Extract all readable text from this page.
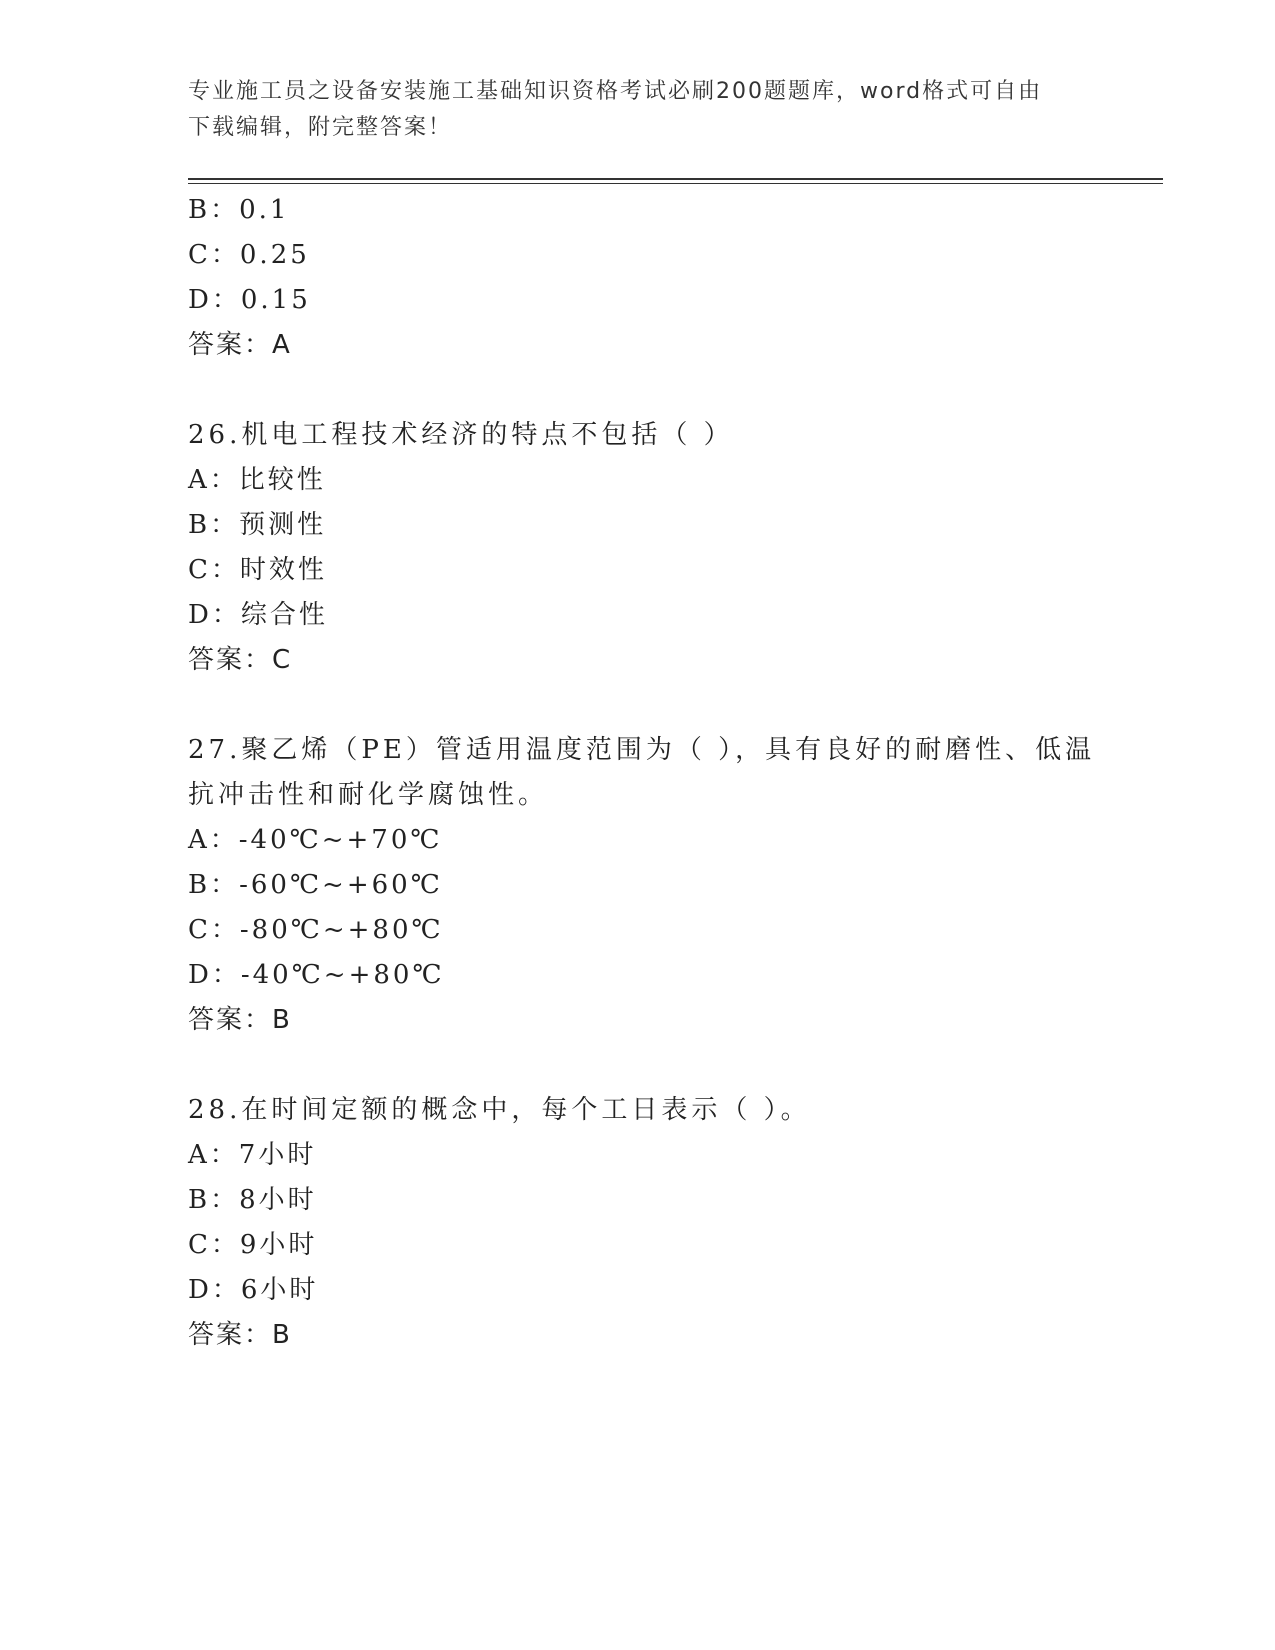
专业施工员之设备安装施工基础知识资格考试必刷200题题库，word格式可自由
下载编辑，附完整答案！
B：0.1
C：0.25
D：0.15
答案：A
26.机电工程技术经济的特点不包括（ ）
A：比较性
B：预测性
C：时效性
D：综合性
答案：C
27.聚乙烯（PE）管适用温度范围为（ ），具有良好的耐磨性、低温
抗冲击性和耐化学腐蚀性。
A：-40℃~+70℃
B：-60℃~+60℃
C：-80℃~+80℃
D：-40℃~+80℃
答案：B
28.在时间定额的概念中，每个工日表示（ ）。
A：7小时
B：8小时
C：9小时
D：6小时
答案：B
